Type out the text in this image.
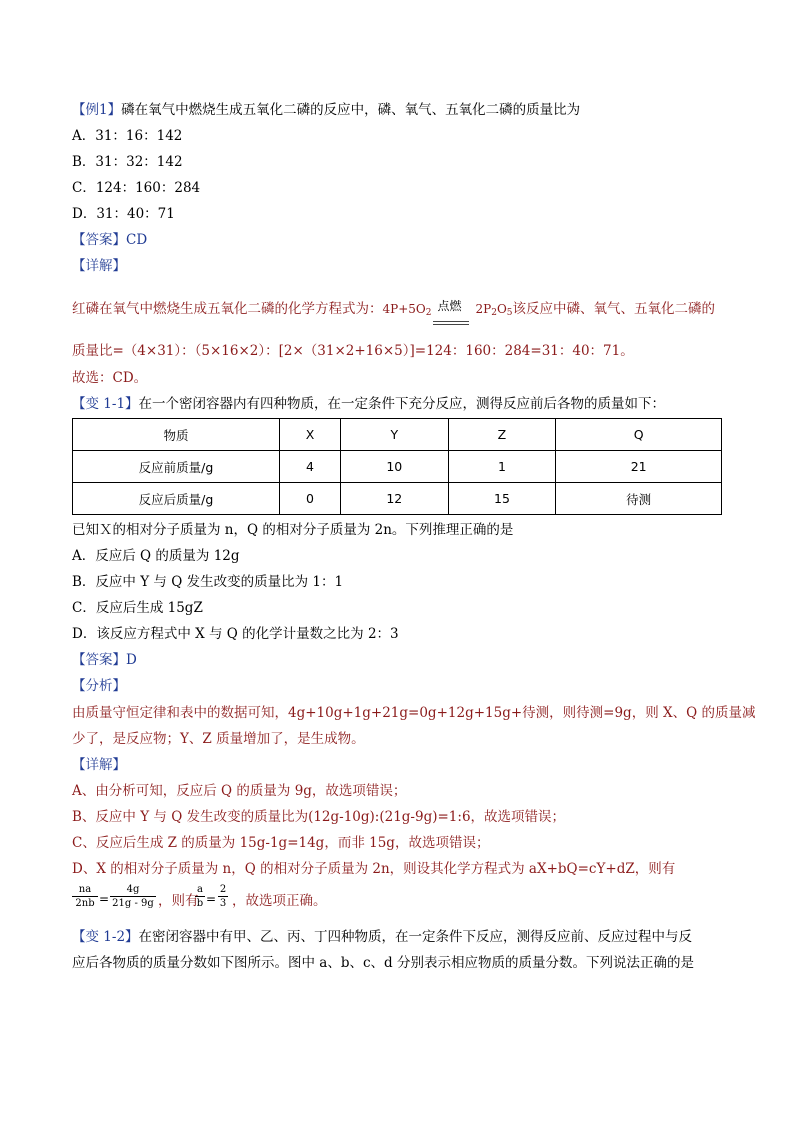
【例1】磷在氧气中燃烧生成五氧化二磷的反应中，磷、氧气、五氧化二磷的质量比为
A．31：16：142
B．31：32：142
C．124：160：284
D．31：40：71
【答案】CD
【详解】
红磷在氧气中燃烧生成五氧化二磷的化学方程式为：$4P+5O_2$ 点燃 $2P_2O_5$该反应中磷、氧气、五氧化二磷的
质量比=（4×31）：（5×16×2）：[2×（31×2+16×5）]=124：160：284=31：40：71。
故选：CD。
【变 1-1】在一个密闭容器内有四种物质，在一定条件下充分反应，测得反应前后各物的质量如下：
物质	X	Y	Z	Q
反应前质量/g	4	10	1	21
反应后质量/g	0	12	15	待测
已知Ｘ的相对分子质量为 n，Q 的相对分子质量为 2n。下列推理正确的是
A．反应后 Q 的质量为 12g
B．反应中 Y 与 Q 发生改变的质量比为 1：1
C．反应后生成 15gZ
D．该反应方程式中 X 与 Q 的化学计量数之比为 2：3
【答案】D
【分析】
由质量守恒定律和表中的数据可知，4g+10g+1g+21g=0g+12g+15g+待测，则待测=9g，则 X、Q 的质量减
少了，是反应物；Y、Z 质量增加了，是生成物。
【详解】
A、由分析可知，反应后 Q 的质量为 9g，故选项错误；
B、反应中 Y 与 Q 发生改变的质量比为(12g-10g):(21g-9g)=1:6，故选项错误；
C、反应后生成 Z 的质量为 15g-1g=14g，而非 15g，故选项错误；
D、X 的相对分子质量为 n，Q 的相对分子质量为 2n，则设其化学方程式为 aX+bQ=cY+dZ，则有
na
2nb =
4g
21g - 9g ，则有
a
b =
2
3 ，故选项正确。
【变 1-2】在密闭容器中有甲、乙、丙、丁四种物质，在一定条件下反应，测得反应前、反应过程中与反
应后各物质的质量分数如下图所示。图中 a、b、c、d 分别表示相应物质的质量分数。下列说法正确的是
